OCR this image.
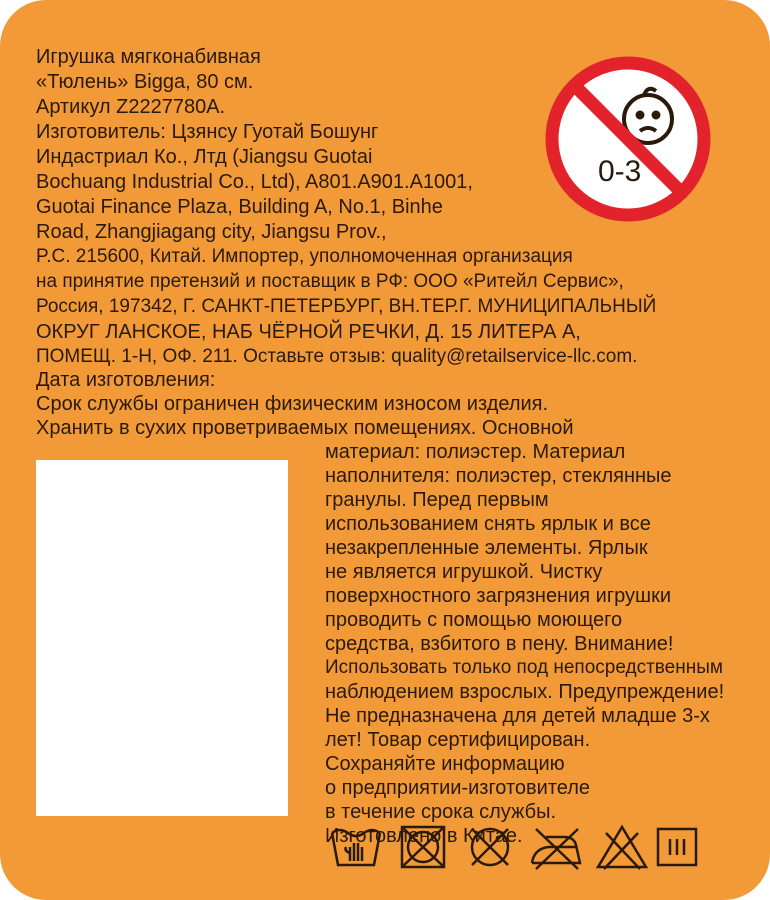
Игрушка мягконабивная
«Тюлень» Bigga, 80 см.
Артикул Z2227780A.
Изготовитель: Цзянсу Гуотай Бошунг
Индастриал Ко., Лтд (Jiangsu Guotai
Bochuang Industrial Co., Ltd), A801.A901.A1001,
Guotai Finance Plaza, Building A, No.1, Binhe
Road, Zhangjiagang city, Jiangsu Prov.,
P.C. 215600, Китай. Импортер, уполномоченная организация
на принятие претензий и поставщик в РФ: ООО «Ритейл Сервис»,
Россия, 197342, Г. САНКТ-ПЕТЕРБУРГ, ВН.ТЕР.Г. МУНИЦИПАЛЬНЫЙ
ОКРУГ ЛАНСКОЕ, НАБ ЧЁРНОЙ РЕЧКИ, Д. 15 ЛИТЕРА А,
ПОМЕЩ. 1-Н, ОФ. 211. Оставьте отзыв: quality@retailservice-llc.com.
Дата изготовления:
Срок службы ограничен физическим износом изделия.
Хранить в сухих проветриваемых помещениях. Основной
материал: полиэстер. Материал
наполнителя: полиэстер, стеклянные
гранулы. Перед первым
использованием снять ярлык и все
незакрепленные элементы. Ярлык
не является игрушкой. Чистку
поверхностного загрязнения игрушки
проводить с помощью моющего
средства, взбитого в пену. Внимание!
Использовать только под непосредственным
наблюдением взрослых. Предупреждение!
Не предназначена для детей младше 3-х
лет! Товар сертифицирован.
Сохраняйте информацию
о предприятии-изготовителе
в течение срока службы.
Изготовлено в Китае.
0-3
